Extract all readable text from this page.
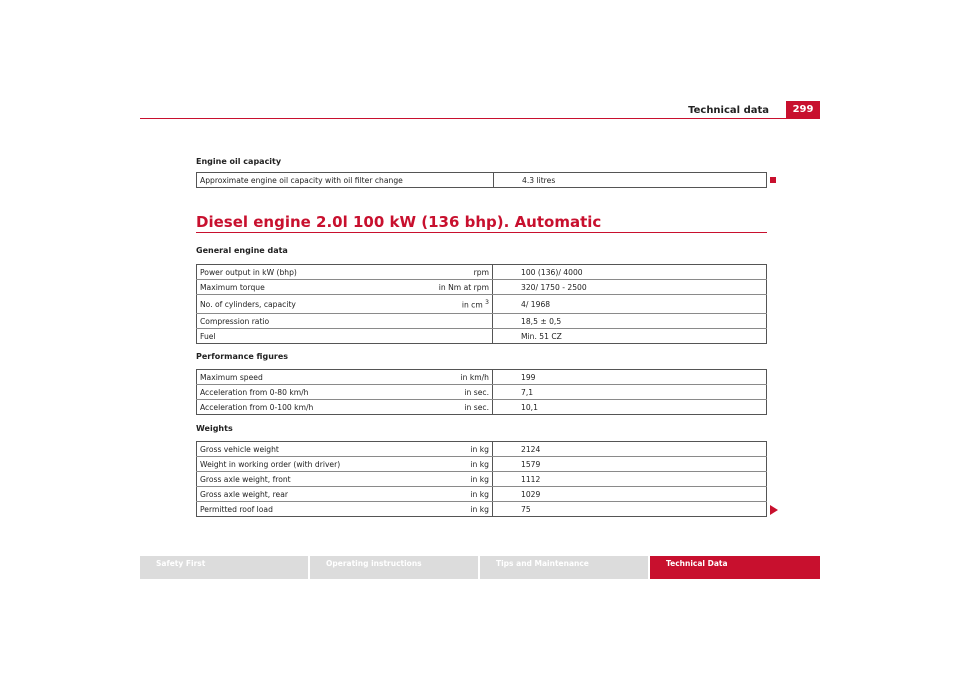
Technical data	299
Engine oil capacity
Approximate engine oil capacity with oil filter change	4.3 litres
Diesel engine 2.0l 100 kW (136 bhp). Automatic
General engine data
Power output in kW (bhp)	rpm	100 (136)/ 4000
Maximum torque	in Nm at rpm	320/ 1750 - 2500
No. of cylinders, capacity	in cm $^3$	4/ 1968
Compression ratio		18,5 ± 0,5
Fuel		Min. 51 CZ
Performance figures
Maximum speed	in km/h	199
Acceleration from 0-80 km/h	in sec.	7,1
Acceleration from 0-100 km/h	in sec.	10,1
Weights
Gross vehicle weight	in kg	2124
Weight in working order (with driver)	in kg	1579
Gross axle weight, front	in kg	1112
Gross axle weight, rear	in kg	1029
Permitted roof load	in kg	75
Safety First	Operating instructions	Tips and Maintenance	Technical Data
